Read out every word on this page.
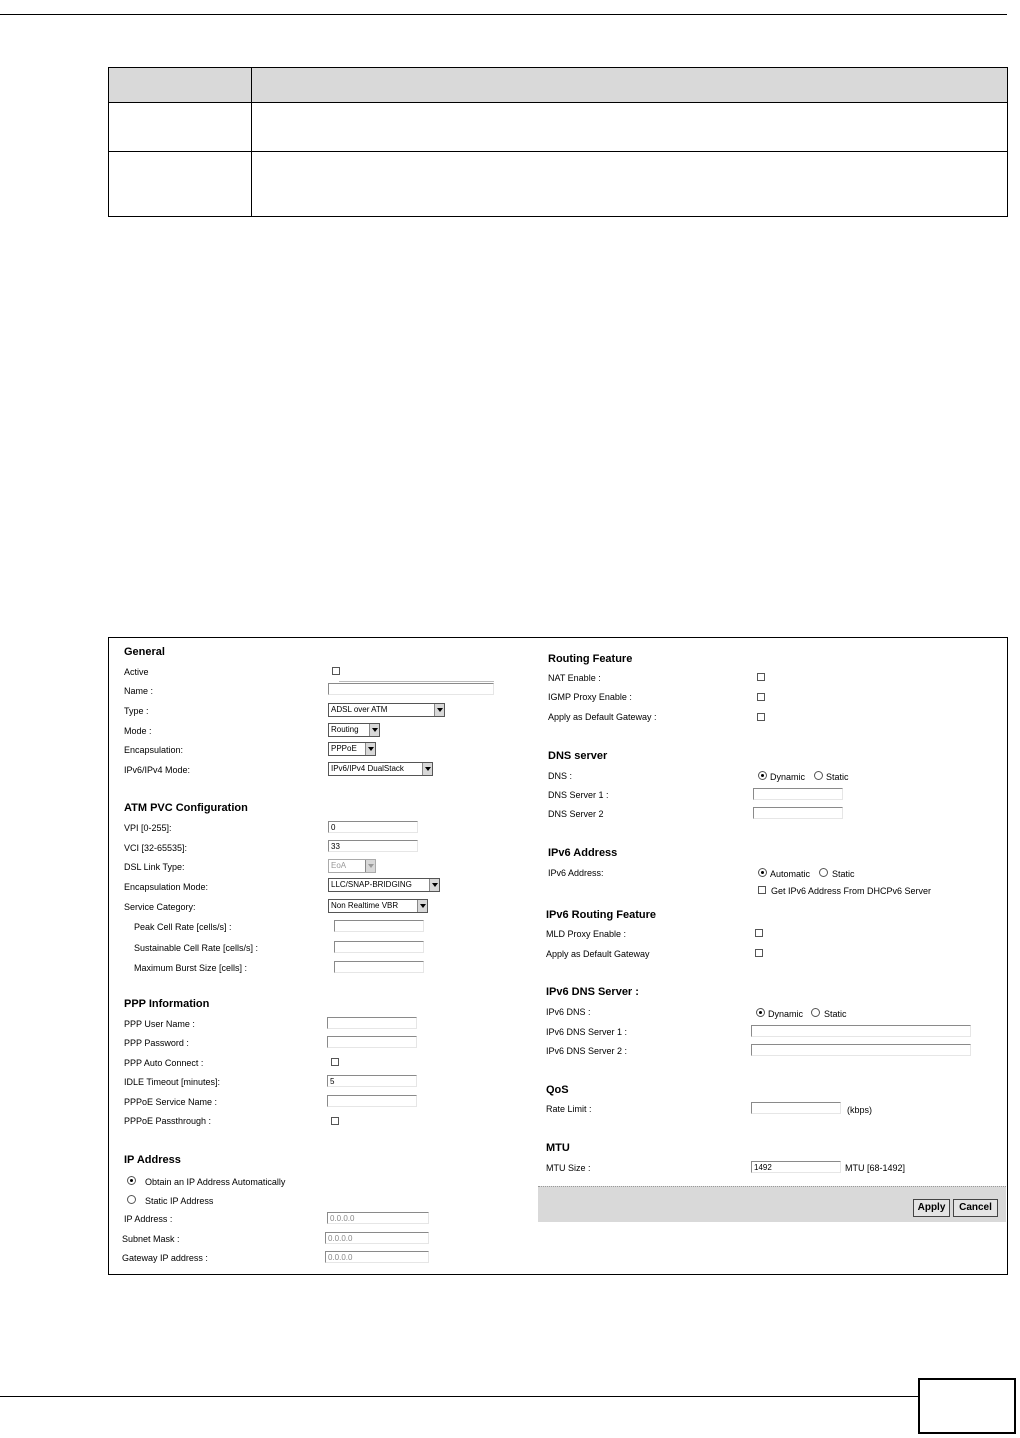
General
Active
Name :
Type :	ADSL over ATM
Mode :	Routing
Encapsulation:	PPPoE
IPv6/IPv4 Mode:	IPv6/IPv4 DualStack
ATM PVC Configuration
VPI [0-255]:	0
VCI [32-65535]:	33
DSL Link Type:	EoA
Encapsulation Mode:	LLC/SNAP-BRIDGING
Service Category:	Non Realtime VBR
Peak Cell Rate [cells/s] :
Sustainable Cell Rate [cells/s] :
Maximum Burst Size [cells] :
PPP Information
PPP User Name :
PPP Password :
PPP Auto Connect :
IDLE Timeout [minutes]:	5
PPPoE Service Name :
PPPoE Passthrough :
IP Address
Obtain an IP Address Automatically
Static IP Address
IP Address :	0.0.0.0
Subnet Mask :	0.0.0.0
Gateway IP address :	0.0.0.0
Routing Feature
NAT Enable :
IGMP Proxy Enable :
Apply as Default Gateway :
DNS server
DNS :	Dynamic Static
DNS Server 1 :
DNS Server 2
IPv6 Address
IPv6 Address:	Automatic Static
Get IPv6 Address From DHCPv6 Server
IPv6 Routing Feature
MLD Proxy Enable :
Apply as Default Gateway
IPv6 DNS Server :
IPv6 DNS :	Dynamic Static
IPv6 DNS Server 1 :
IPv6 DNS Server 2 :
QoS
Rate Limit :	(kbps)
MTU
MTU Size :	1492	MTU [68-1492]
Apply	Cancel
